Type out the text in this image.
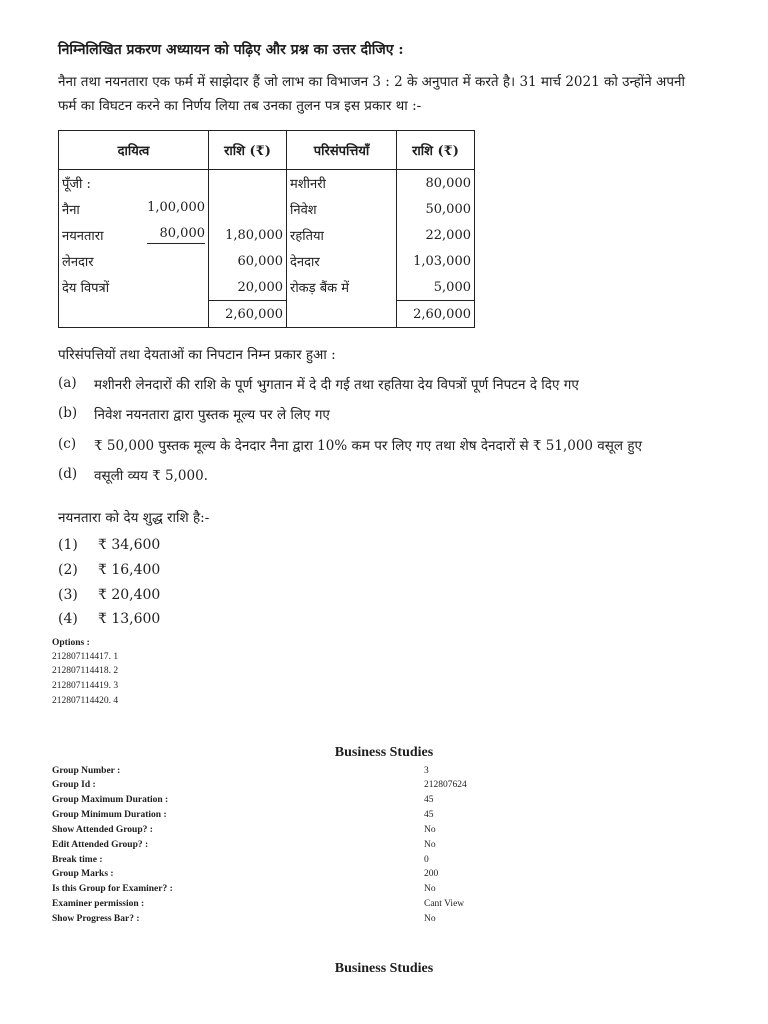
निम्निलिखित प्रकरण अध्यायन को पढ़िए और प्रश्न का उत्तर दीजिए :
नैना तथा नयनतारा एक फर्म में साझेदार हैं जो लाभ का विभाजन 3 : 2 के अनुपात में करते है। 31 मार्च 2021 को उन्होंने अपनी
फर्म का विघटन करने का निर्णय लिया तब उनका तुलन पत्र इस प्रकार था :-
दायित्व	राशि (₹)	परिसंपत्तियाँ	राशि (₹)
पूँजी :		मशीनरी	80,000

नैना 1,00,000		निवेश	50,000

नयनतारा 80,000	1,80,000	रहतिया	22,000
लेनदार	60,000	देनदार	1,03,000
देय विपत्रों	20,000	रोकड़ बैंक में	5,000
	2,60,000		2,60,000
परिसंपत्तियों तथा देयताओं का निपटान निम्न प्रकार हुआ :
(a)	मशीनरी लेनदारों की राशि के पूर्ण भुगतान में दे दी गई तथा रहतिया देय विपत्रों पूर्ण निपटन दे दिए गए
(b)	निवेश नयनतारा द्वारा पुस्तक मूल्य पर ले लिए गए
(c)	₹ 50,000 पुस्तक मूल्य के देनदार नैना द्वारा 10% कम पर लिए गए तथा शेष देनदारों से ₹ 51,000 वसूल हुए
(d)	वसूली व्यय ₹ 5,000.
नयनतारा को देय शुद्ध राशि है:-
(1)	₹ 34,600
(2)	₹ 16,400
(3)	₹ 20,400
(4)	₹ 13,600
Options :
212807114417. 1
212807114418. 2
212807114419. 3
212807114420. 4
Business Studies
Group Number :	3
Group Id :	212807624
Group Maximum Duration :	45
Group Minimum Duration :	45
Show Attended Group? :	No
Edit Attended Group? :	No
Break time :	0
Group Marks :	200
Is this Group for Examiner? :	No
Examiner permission :	Cant View
Show Progress Bar? :	No
Business Studies
